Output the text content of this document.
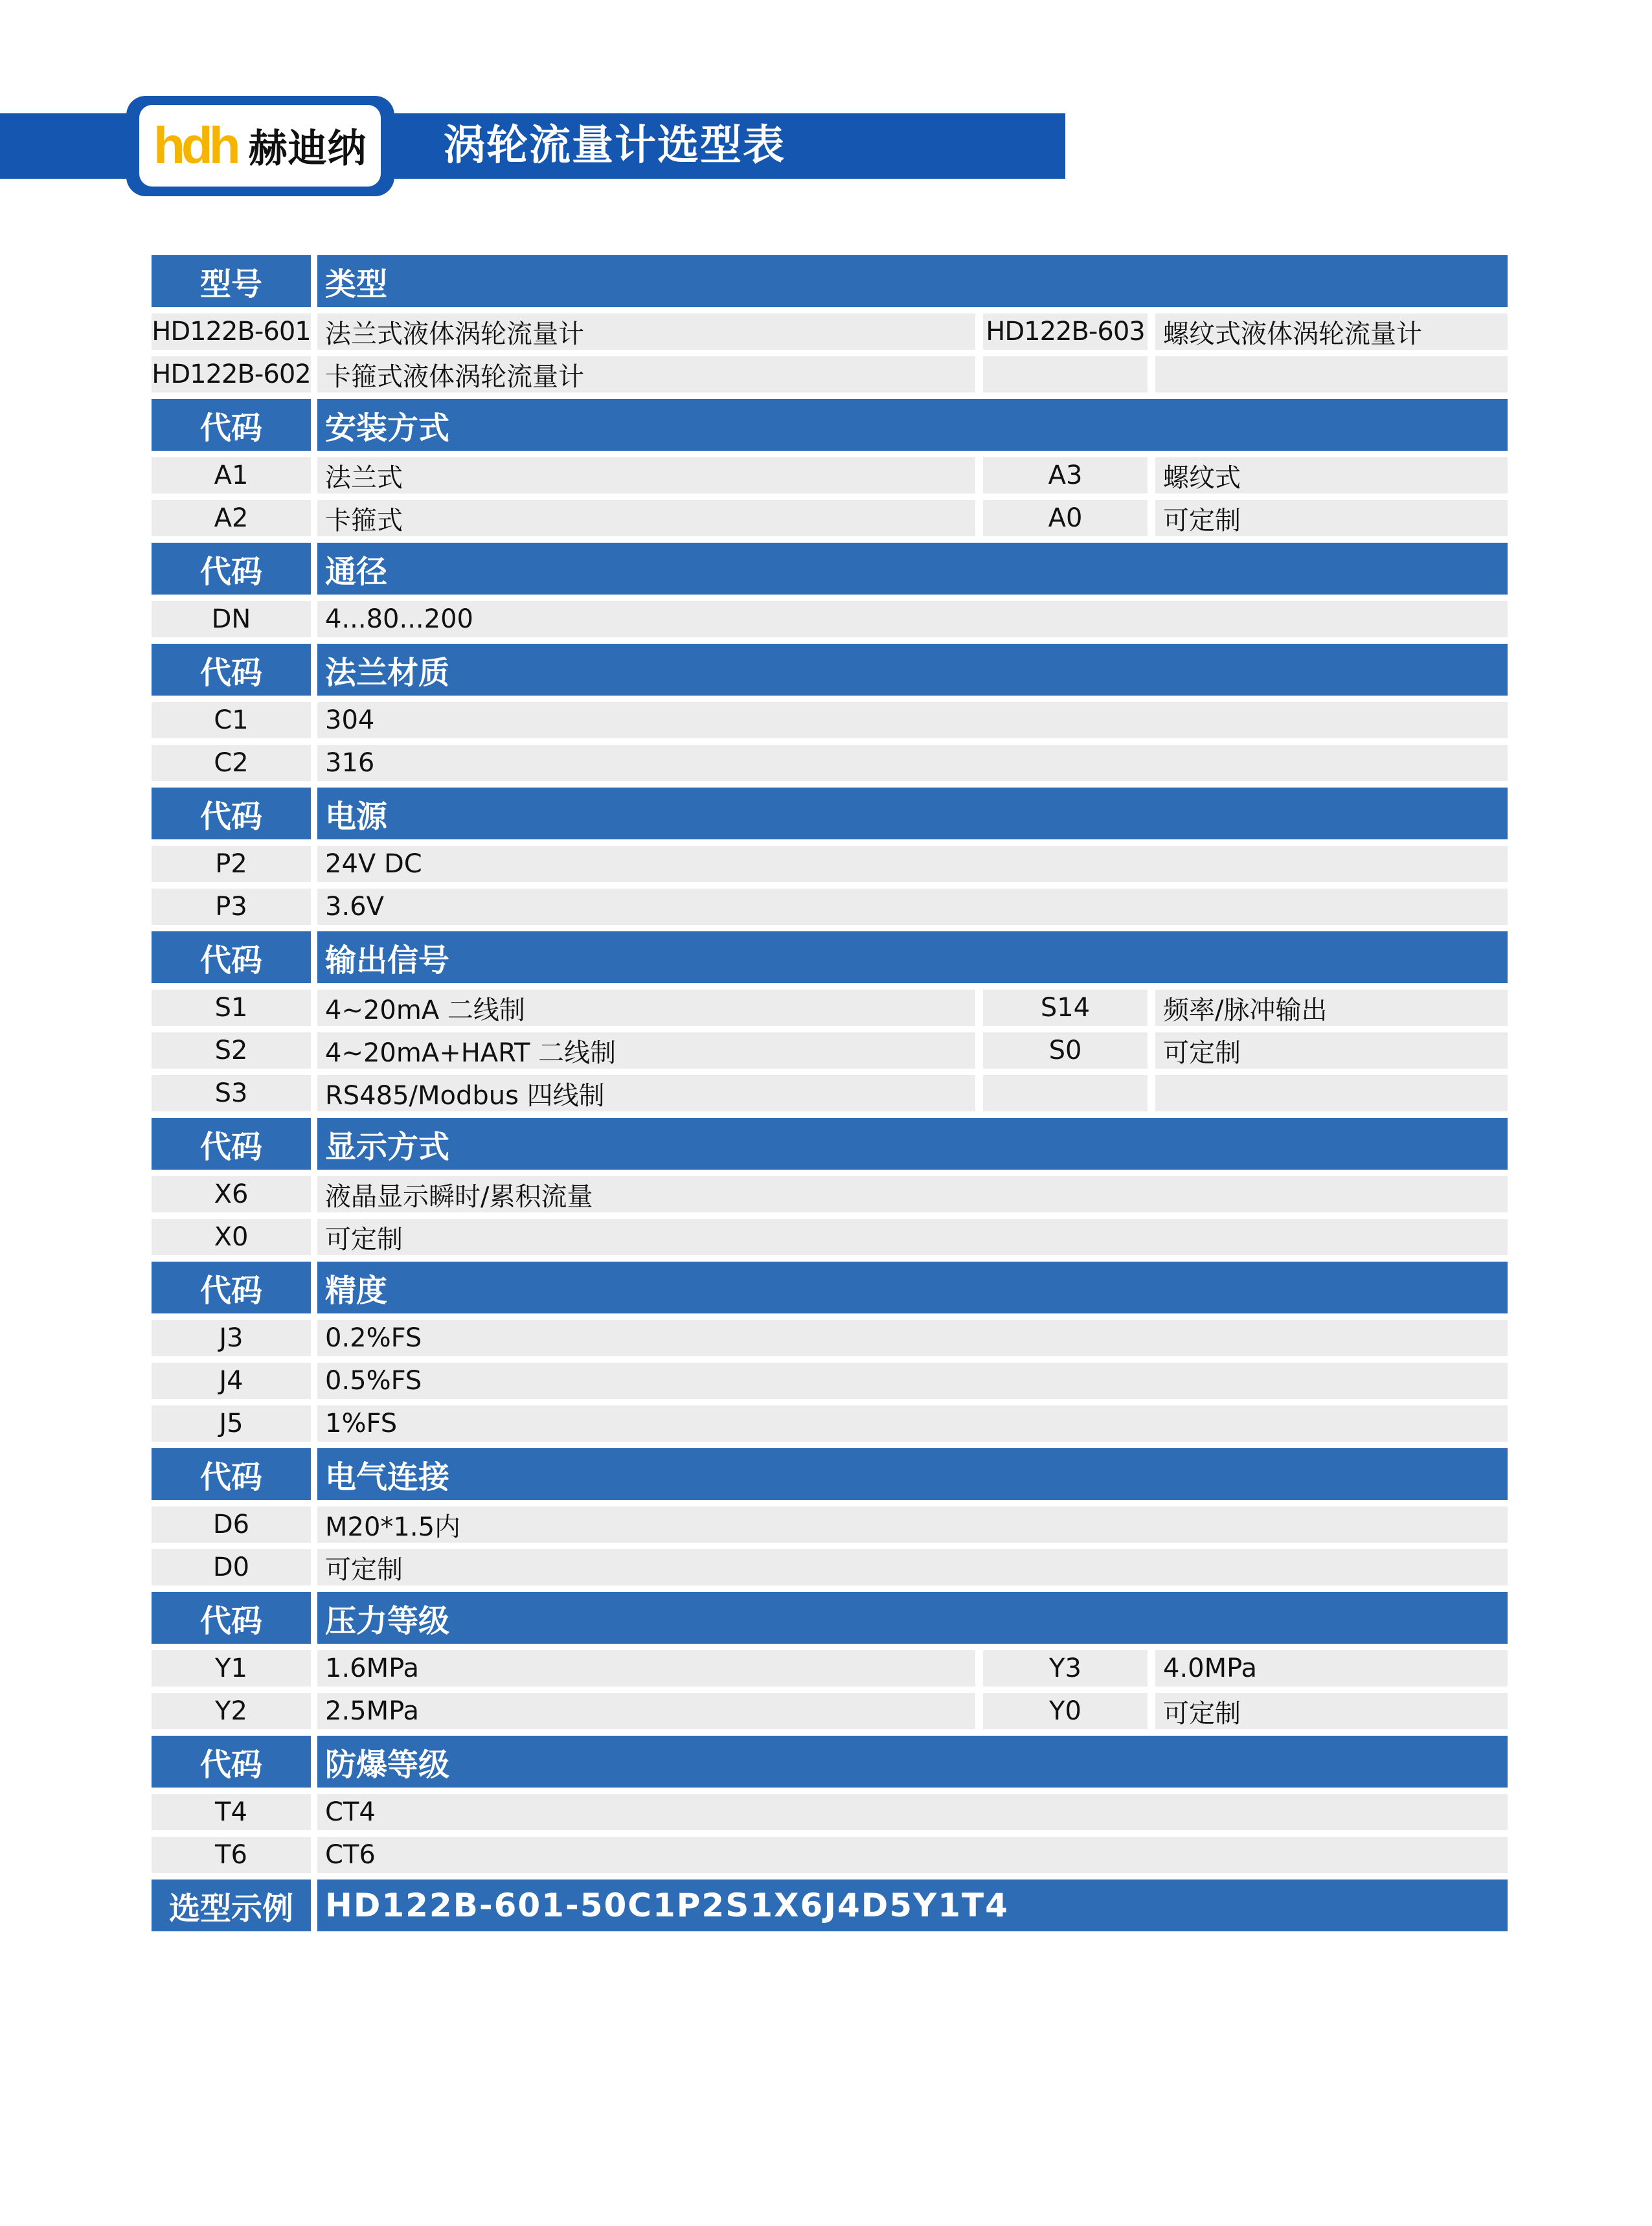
涡轮流量计选型表
hdh 赫迪纳
型号	类型
HD122B-601 法兰式液体涡轮流量计	HD122B-603 螺纹式液体涡轮流量计
HD122B-602 卡箍式液体涡轮流量计
代码	安装方式
A1	法兰式	A3	螺纹式
A2	卡箍式	A0	可定制
代码	通径
DN	4...80...200
代码	法兰材质
C1	304
C2	316
代码	电源
P2	24V DC
P3	3.6V
代码	输出信号
S1	4~20mA 二线制	S14	频率/脉冲输出
S2	4~20mA+HART 二线制	S0	可定制
S3	RS485/Modbus 四线制
代码	显示方式
X6	液晶显示瞬时/累积流量
X0	可定制
代码	精度
J3	0.2%FS
J4	0.5%FS
J5	1%FS
代码	电气连接
D6	M20*1.5内
D0	可定制
代码	压力等级
Y1	1.6MPa	Y3	4.0MPa
Y2	2.5MPa	Y0	可定制
代码	防爆等级
T4	CT4
T6	CT6
选型示例 HD122B-601-50C1P2S1X6J4D5Y1T4
